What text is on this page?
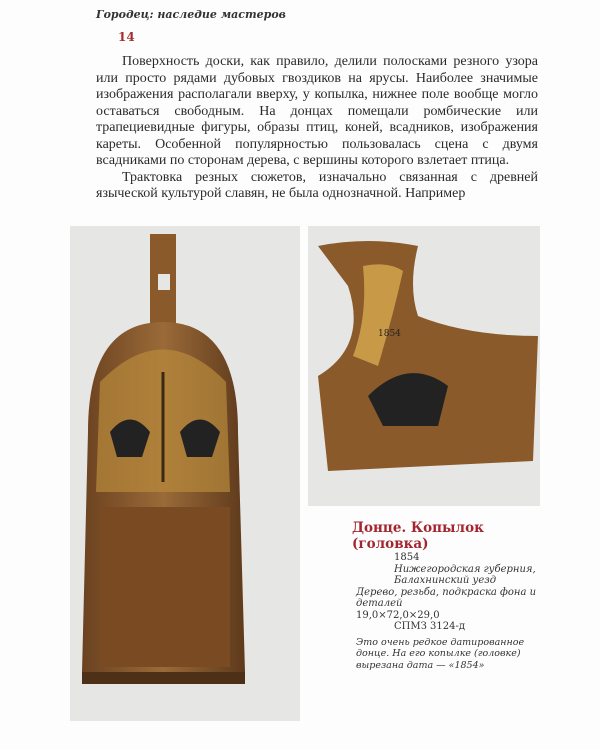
Городец: наследие мастеров
14

Поверхность доски, как правило, делили полосками резного узора или просто рядами дубовых гвоздиков на ярусы. Наиболее значимые изображения располагали вверху, у копылка, нижнее поле вообще могло оставаться свободным. На донцах помещали ромбические или трапециевидные фигуры, образы птиц, коней, всадников, изображения кареты. Особенной популярностью пользовалась сцена с двумя всадниками по сторонам дерева, с вершины которого взлетает птица.

Трактовка резных сюжетов, изначально связанная с древней языческой культурой славян, не была однозначной. Например

1854
Донце. Копылок (головка)
1854
Нижегородская губерния,
Балахнинский уезд
Дерево, резьба, подкраска фона и деталей
19,0×72,0×29,0
СПМЗ 3124-д
Это очень редкое датированное донце. На его копылке (головке) вырезана дата — «1854»
